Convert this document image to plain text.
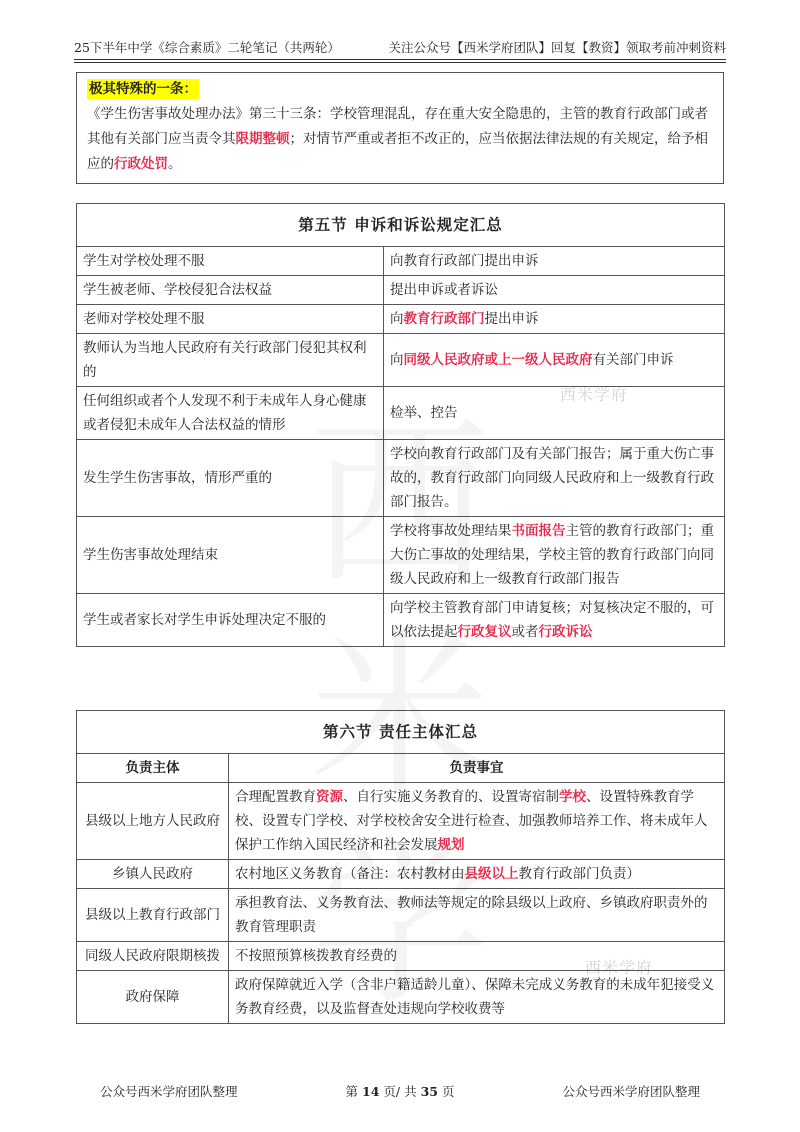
25下半年中学《综合素质》二轮笔记（共两轮）	关注公众号【西米学府团队】回复【教资】领取考前冲刺资料
极其特殊的一条：
《学生伤害事故处理办法》第三十三条：学校管理混乱，存在重大安全隐患的，主管的教育行政部门或者其他有关部门应当责令其限期整顿；对情节严重或者拒不改正的，应当依据法律法规的有关规定，给予相应的行政处罚。
第五节 申诉和诉讼规定汇总	
学生对学校处理不服	向教育行政部门提出申诉
学生被老师、学校侵犯合法权益	提出申诉或者诉讼
老师对学校处理不服	向教育行政部门提出申诉
教师认为当地人民政府有关行政部门侵犯其权利的	向同级人民政府或上一级人民政府有关部门申诉
任何组织或者个人发现不利于未成年人身心健康或者侵犯未成年人合法权益的情形	检举、控告
发生学生伤害事故，情形严重的	学校向教育行政部门及有关部门报告；属于重大伤亡事故的，教育行政部门向同级人民政府和上一级教育行政部门报告。
学生伤害事故处理结束	学校将事故处理结果书面报告主管的教育行政部门；重大伤亡事故的处理结果，学校主管的教育行政部门向同级人民政府和上一级教育行政部门报告
学生或者家长对学生申诉处理决定不服的	向学校主管教育部门申请复核；对复核决定不服的，可以依法提起行政复议或者行政诉讼
第六节 责任主体汇总	
负责主体	负责事宜
县级以上地方人民政府	合理配置教育资源、自行实施义务教育的、设置寄宿制学校、设置特殊教育学校、设置专门学校、对学校校舍安全进行检查、加强教师培养工作、将未成年人保护工作纳入国民经济和社会发展规划
乡镇人民政府	农村地区义务教育（备注：农村教材由县级以上教育行政部门负责）
县级以上教育行政部门	承担教育法、义务教育法、教师法等规定的除县级以上政府、乡镇政府职责外的教育管理职责
同级人民政府限期核拨	不按照预算核拨教育经费的
政府保障	政府保障就近入学（含非户籍适龄儿童）、保障未完成义务教育的未成年犯接受义务教育经费，以及监督查处违规向学校收费等
西米学府
西米学府
公众号西米学府团队整理	第 14 页/ 共 35 页	公众号西米学府团队整理
